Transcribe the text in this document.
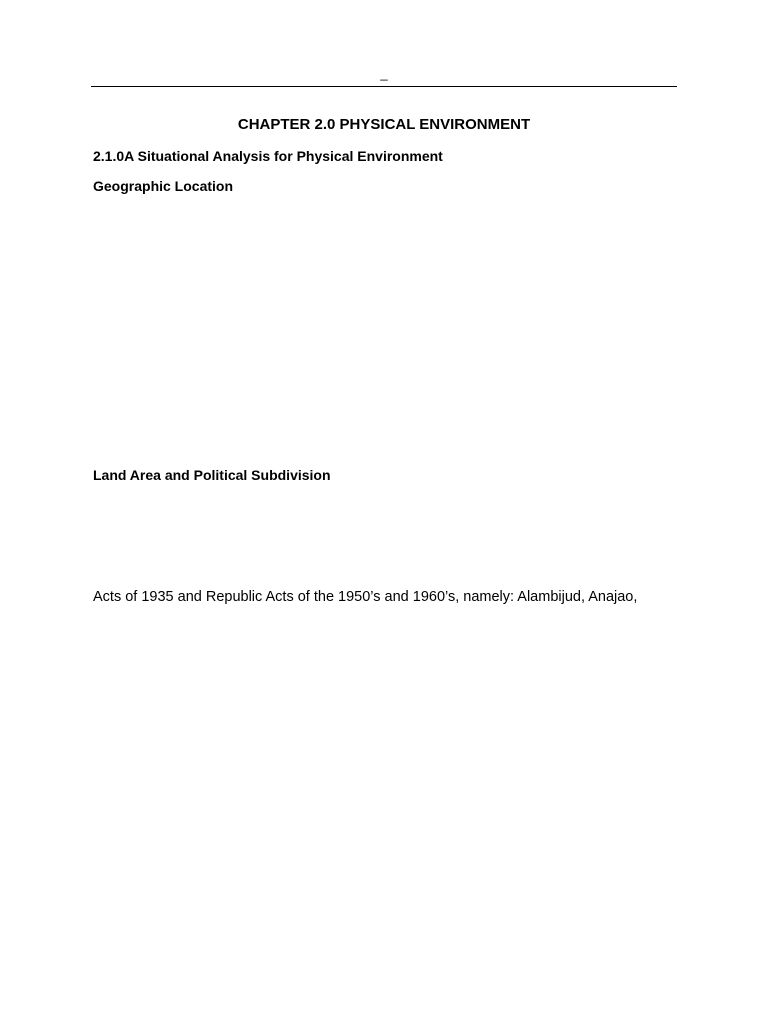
_
CHAPTER 2.0 PHYSICAL ENVIRONMENT
2.1.0A Situational Analysis for Physical Environment
Geographic Location
Land Area and Political Subdivision
Acts of 1935 and Republic Acts of the 1950’s and 1960’s, namely: Alambijud, Anajao,
